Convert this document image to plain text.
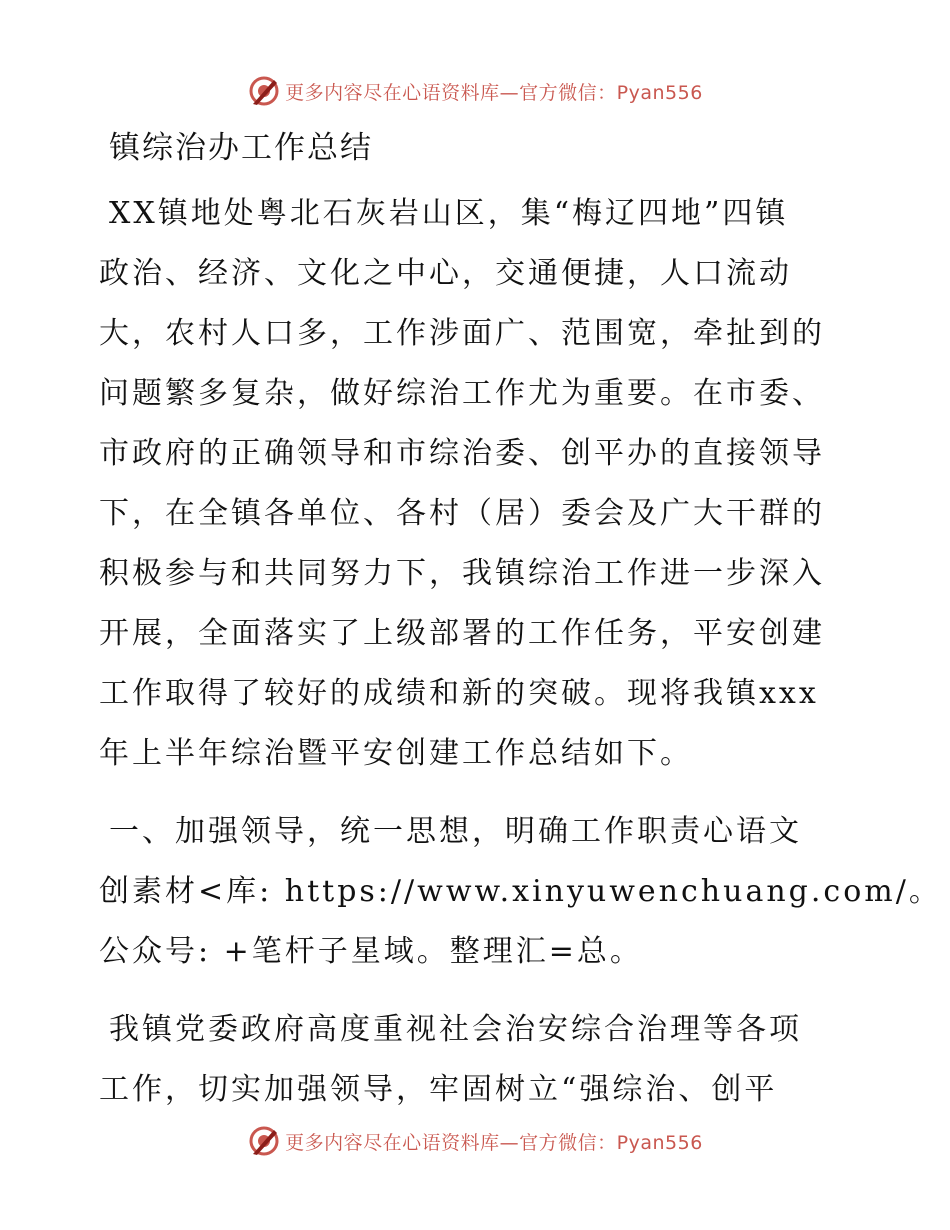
更多内容尽在心语资料库—官方微信：Pyan556
镇综治办工作总结

XX镇地处粤北石灰岩山区，集“梅辽四地”四镇
政治、经济、文化之中心，交通便捷，人口流动
大，农村人口多，工作涉面广、范围宽，牵扯到的
问题繁多复杂，做好综治工作尤为重要。在市委、
市政府的正确领导和市综治委、创平办的直接领导
下，在全镇各单位、各村（居）委会及广大干群的
积极参与和共同努力下，我镇综治工作进一步深入
开展，全面落实了上级部署的工作任务，平安创建
工作取得了较好的成绩和新的突破。现将我镇xxx
年上半年综治暨平安创建工作总结如下。

一、加强领导，统一思想，明确工作职责心语文
创素材<库: https://www.xinyuwenchuang.com/。
公众号: +笔杆子星域。整理汇=总。

我镇党委政府高度重视社会治安综合治理等各项
工作，切实加强领导，牢固树立“强综治、创平

更多内容尽在心语资料库—官方微信：Pyan556
